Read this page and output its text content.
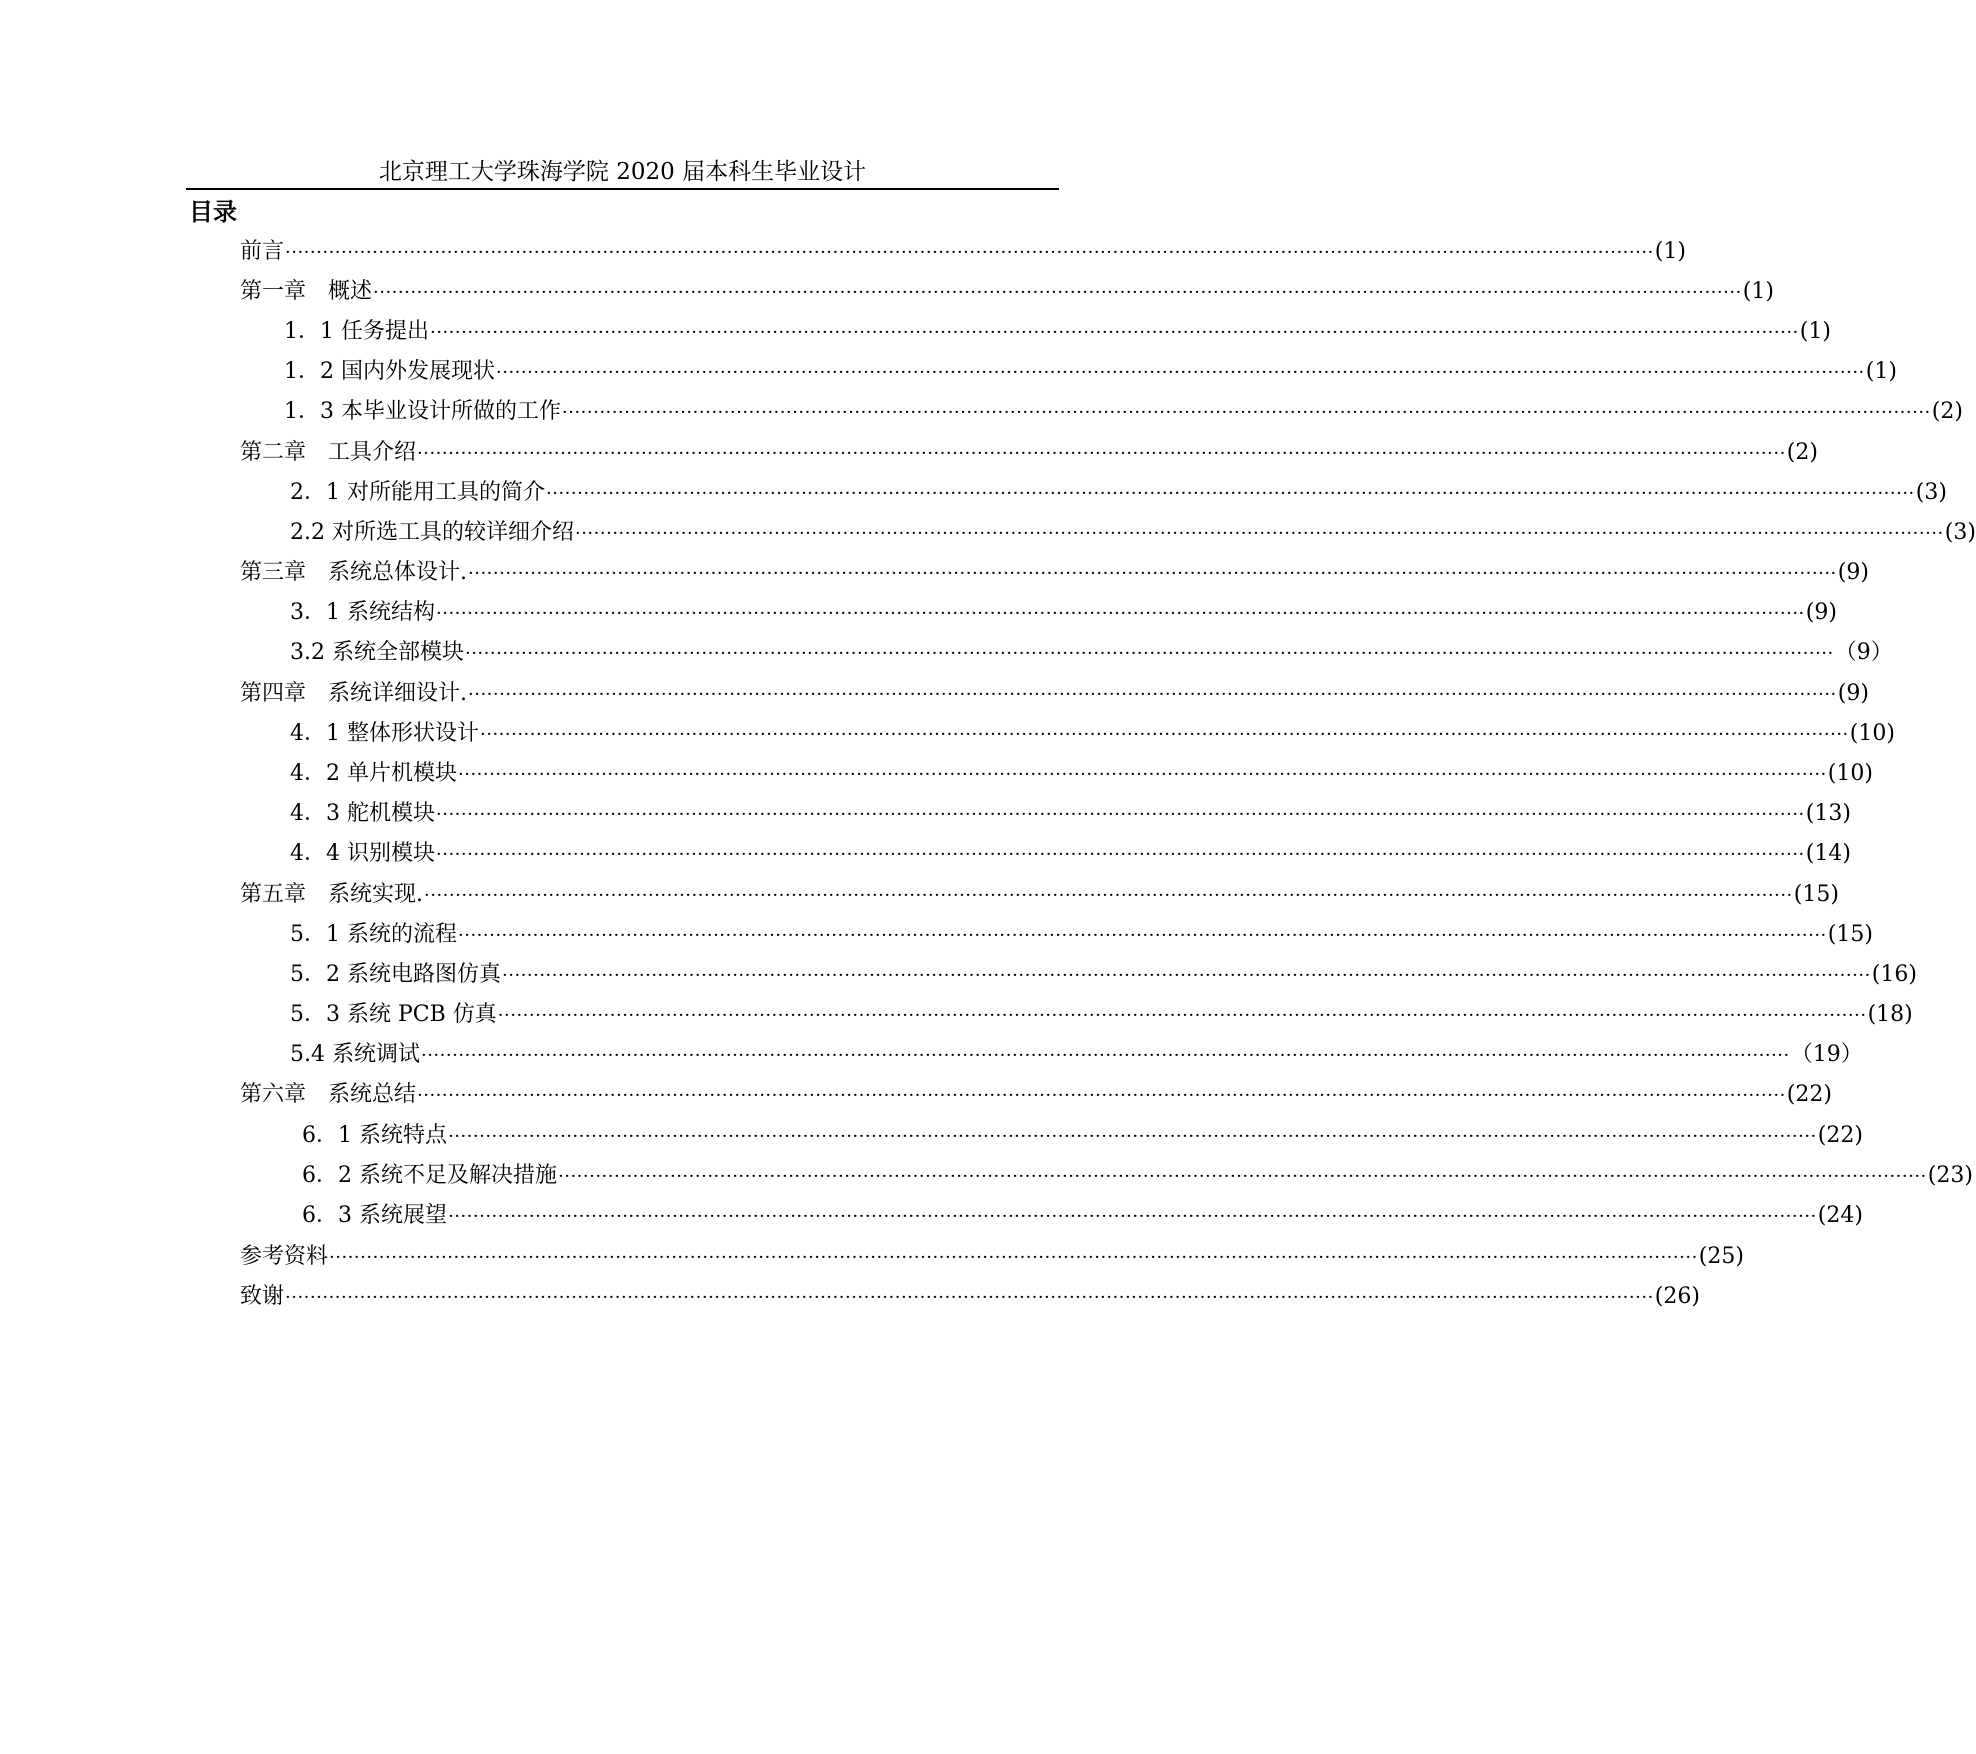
北京理工大学珠海学院 2020 届本科生毕业设计
目录
前言 ···························································································································································································································· (1)
第一章　概述 ···························································································································································································································· (1)
1．1 任务提出 ···························································································································································································································· (1)
1．2 国内外发展现状 ···························································································································································································································· (1)
1．3 本毕业设计所做的工作 ···························································································································································································································· (2)
第二章　工具介绍 ···························································································································································································································· (2)
2．1 对所能用工具的简介 ···························································································································································································································· (3)
2.2 对所选工具的较详细介绍 ···························································································································································································································· (3)
第三章　系统总体设计. ···························································································································································································································· (9)
3．1 系统结构 ···························································································································································································································· (9)
3.2 系统全部模块 ···························································································································································································································· （9）
第四章　系统详细设计. ···························································································································································································································· (9)
4．1 整体形状设计 ···························································································································································································································· (10)
4．2 单片机模块 ···························································································································································································································· (10)
4．3 舵机模块 ···························································································································································································································· (13)
4．4 识别模块 ···························································································································································································································· (14)
第五章　系统实现. ···························································································································································································································· (15)
5．1 系统的流程 ···························································································································································································································· (15)
5．2 系统电路图仿真 ···························································································································································································································· (16)
5．3 系统 PCB 仿真 ···························································································································································································································· (18)
5.4 系统调试 ···························································································································································································································· （19）
第六章　系统总结 ···························································································································································································································· (22)
6．1 系统特点 ···························································································································································································································· (22)
6．2 系统不足及解决措施 ···························································································································································································································· (23)
6．3 系统展望 ···························································································································································································································· (24)
参考资料 ···························································································································································································································· (25)
致谢 ···························································································································································································································· (26)
